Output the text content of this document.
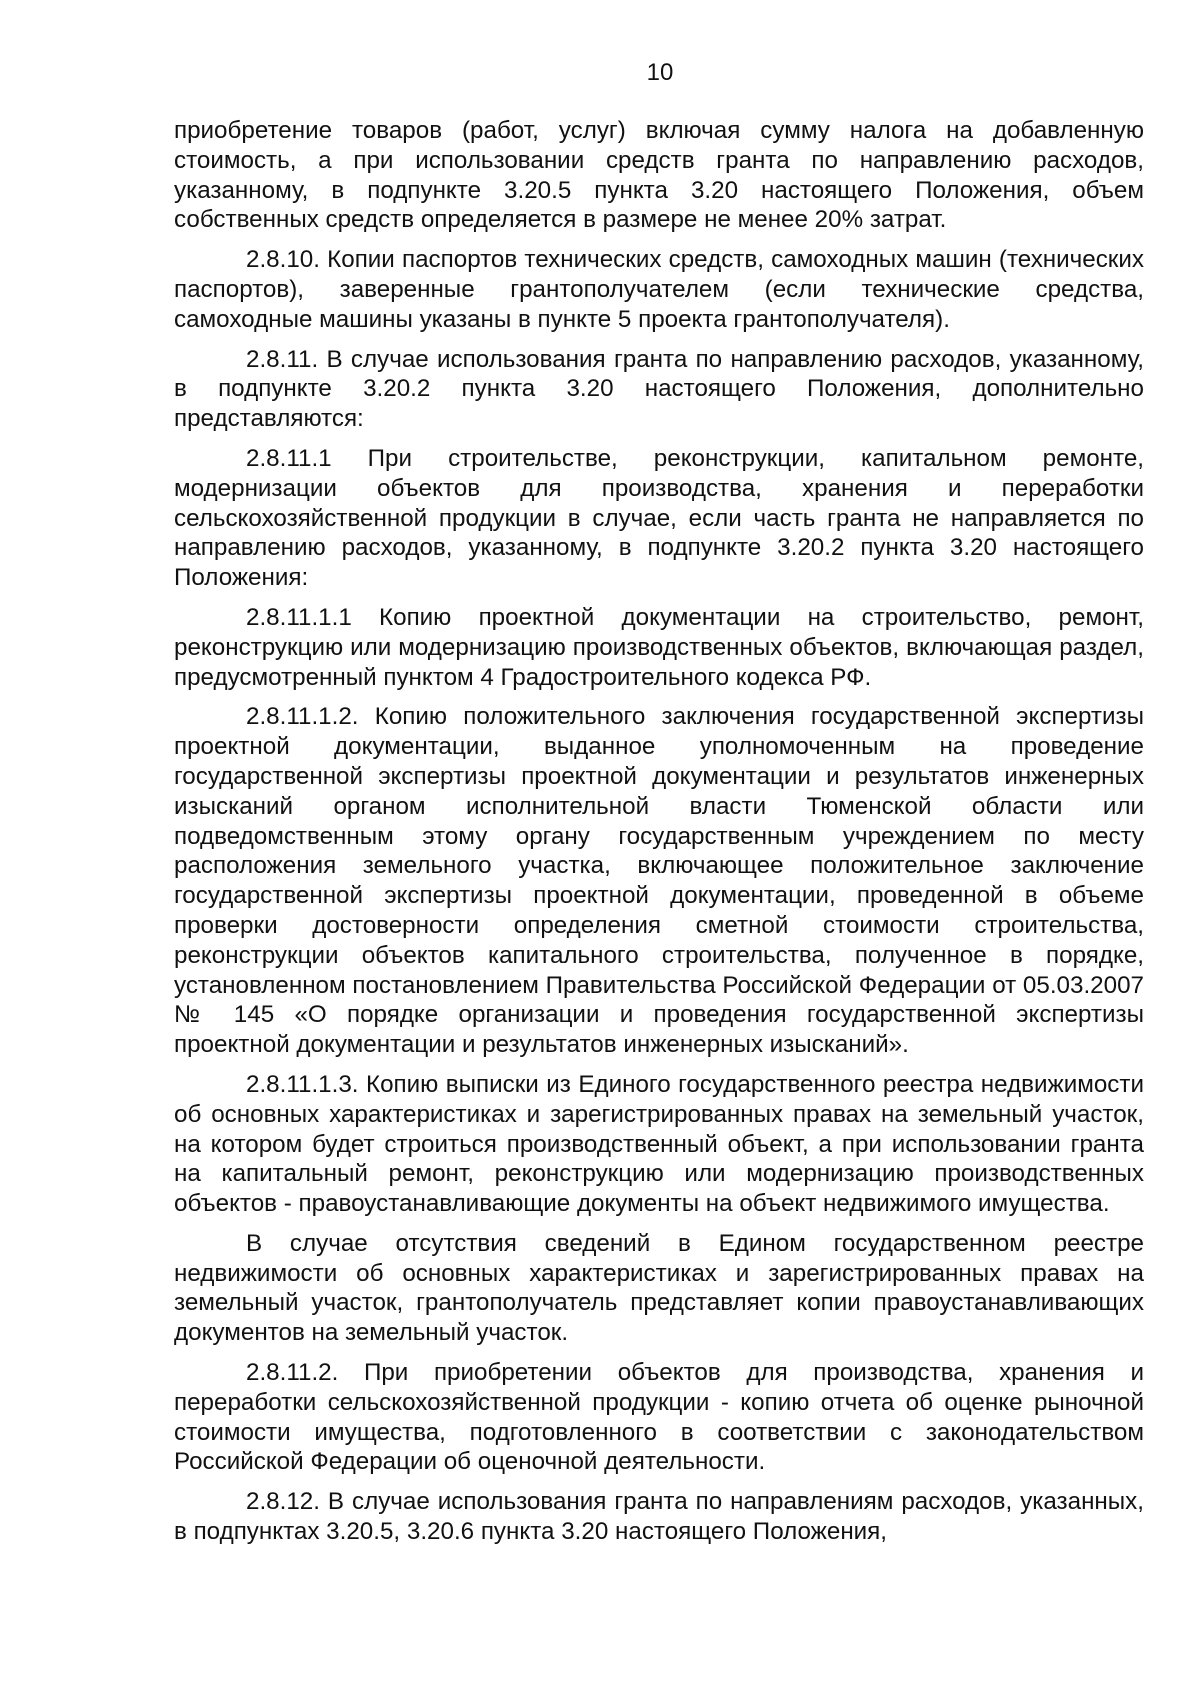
10

приобретение товаров (работ, услуг) включая сумму налога на добавленную стоимость, а при использовании средств гранта по направлению расходов, указанному, в подпункте 3.20.5 пункта 3.20 настоящего Положения, объем собственных средств определяется в размере не менее 20% затрат.

2.8.10. Копии паспортов технических средств, самоходных машин (технических паспортов), заверенные грантополучателем (если технические средства, самоходные машины указаны в пункте 5 проекта грантополучателя).

2.8.11. В случае использования гранта по направлению расходов, указанному, в подпункте 3.20.2 пункта 3.20 настоящего Положения, дополнительно представляются:

2.8.11.1 При строительстве, реконструкции, капитальном ремонте, модернизации объектов для производства, хранения и переработки сельскохозяйственной продукции в случае, если часть гранта не направляется по направлению расходов, указанному, в подпункте 3.20.2 пункта 3.20 настоящего Положения:

2.8.11.1.1 Копию проектной документации на строительство, ремонт, реконструкцию или модернизацию производственных объектов, включающая раздел, предусмотренный пунктом 4 Градостроительного кодекса РФ.

2.8.11.1.2. Копию положительного заключения государственной экспертизы проектной документации, выданное уполномоченным на проведение государственной экспертизы проектной документации и результатов инженерных изысканий органом исполнительной власти Тюменской области или подведомственным этому органу государственным учреждением по месту расположения земельного участка, включающее положительное заключение государственной экспертизы проектной документации, проведенной в объеме проверки достоверности определения сметной стоимости строительства, реконструкции объектов капитального строительства, полученное в порядке, установленном постановлением Правительства Российской Федерации от 05.03.2007 № 145 «О порядке организации и проведения государственной экспертизы проектной документации и результатов инженерных изысканий».

2.8.11.1.3. Копию выписки из Единого государственного реестра недвижимости об основных характеристиках и зарегистрированных правах на земельный участок, на котором будет строиться производственный объект, а при использовании гранта на капитальный ремонт, реконструкцию или модернизацию производственных объектов - правоустанавливающие документы на объект недвижимого имущества.

В случае отсутствия сведений в Едином государственном реестре недвижимости об основных характеристиках и зарегистрированных правах на земельный участок, грантополучатель представляет копии правоустанавливающих документов на земельный участок.

2.8.11.2. При приобретении объектов для производства, хранения и переработки сельскохозяйственной продукции - копию отчета об оценке рыночной стоимости имущества, подготовленного в соответствии с законодательством Российской Федерации об оценочной деятельности.

2.8.12. В случае использования гранта по направлениям расходов, указанных, в подпунктах 3.20.5, 3.20.6 пункта 3.20 настоящего Положения,
